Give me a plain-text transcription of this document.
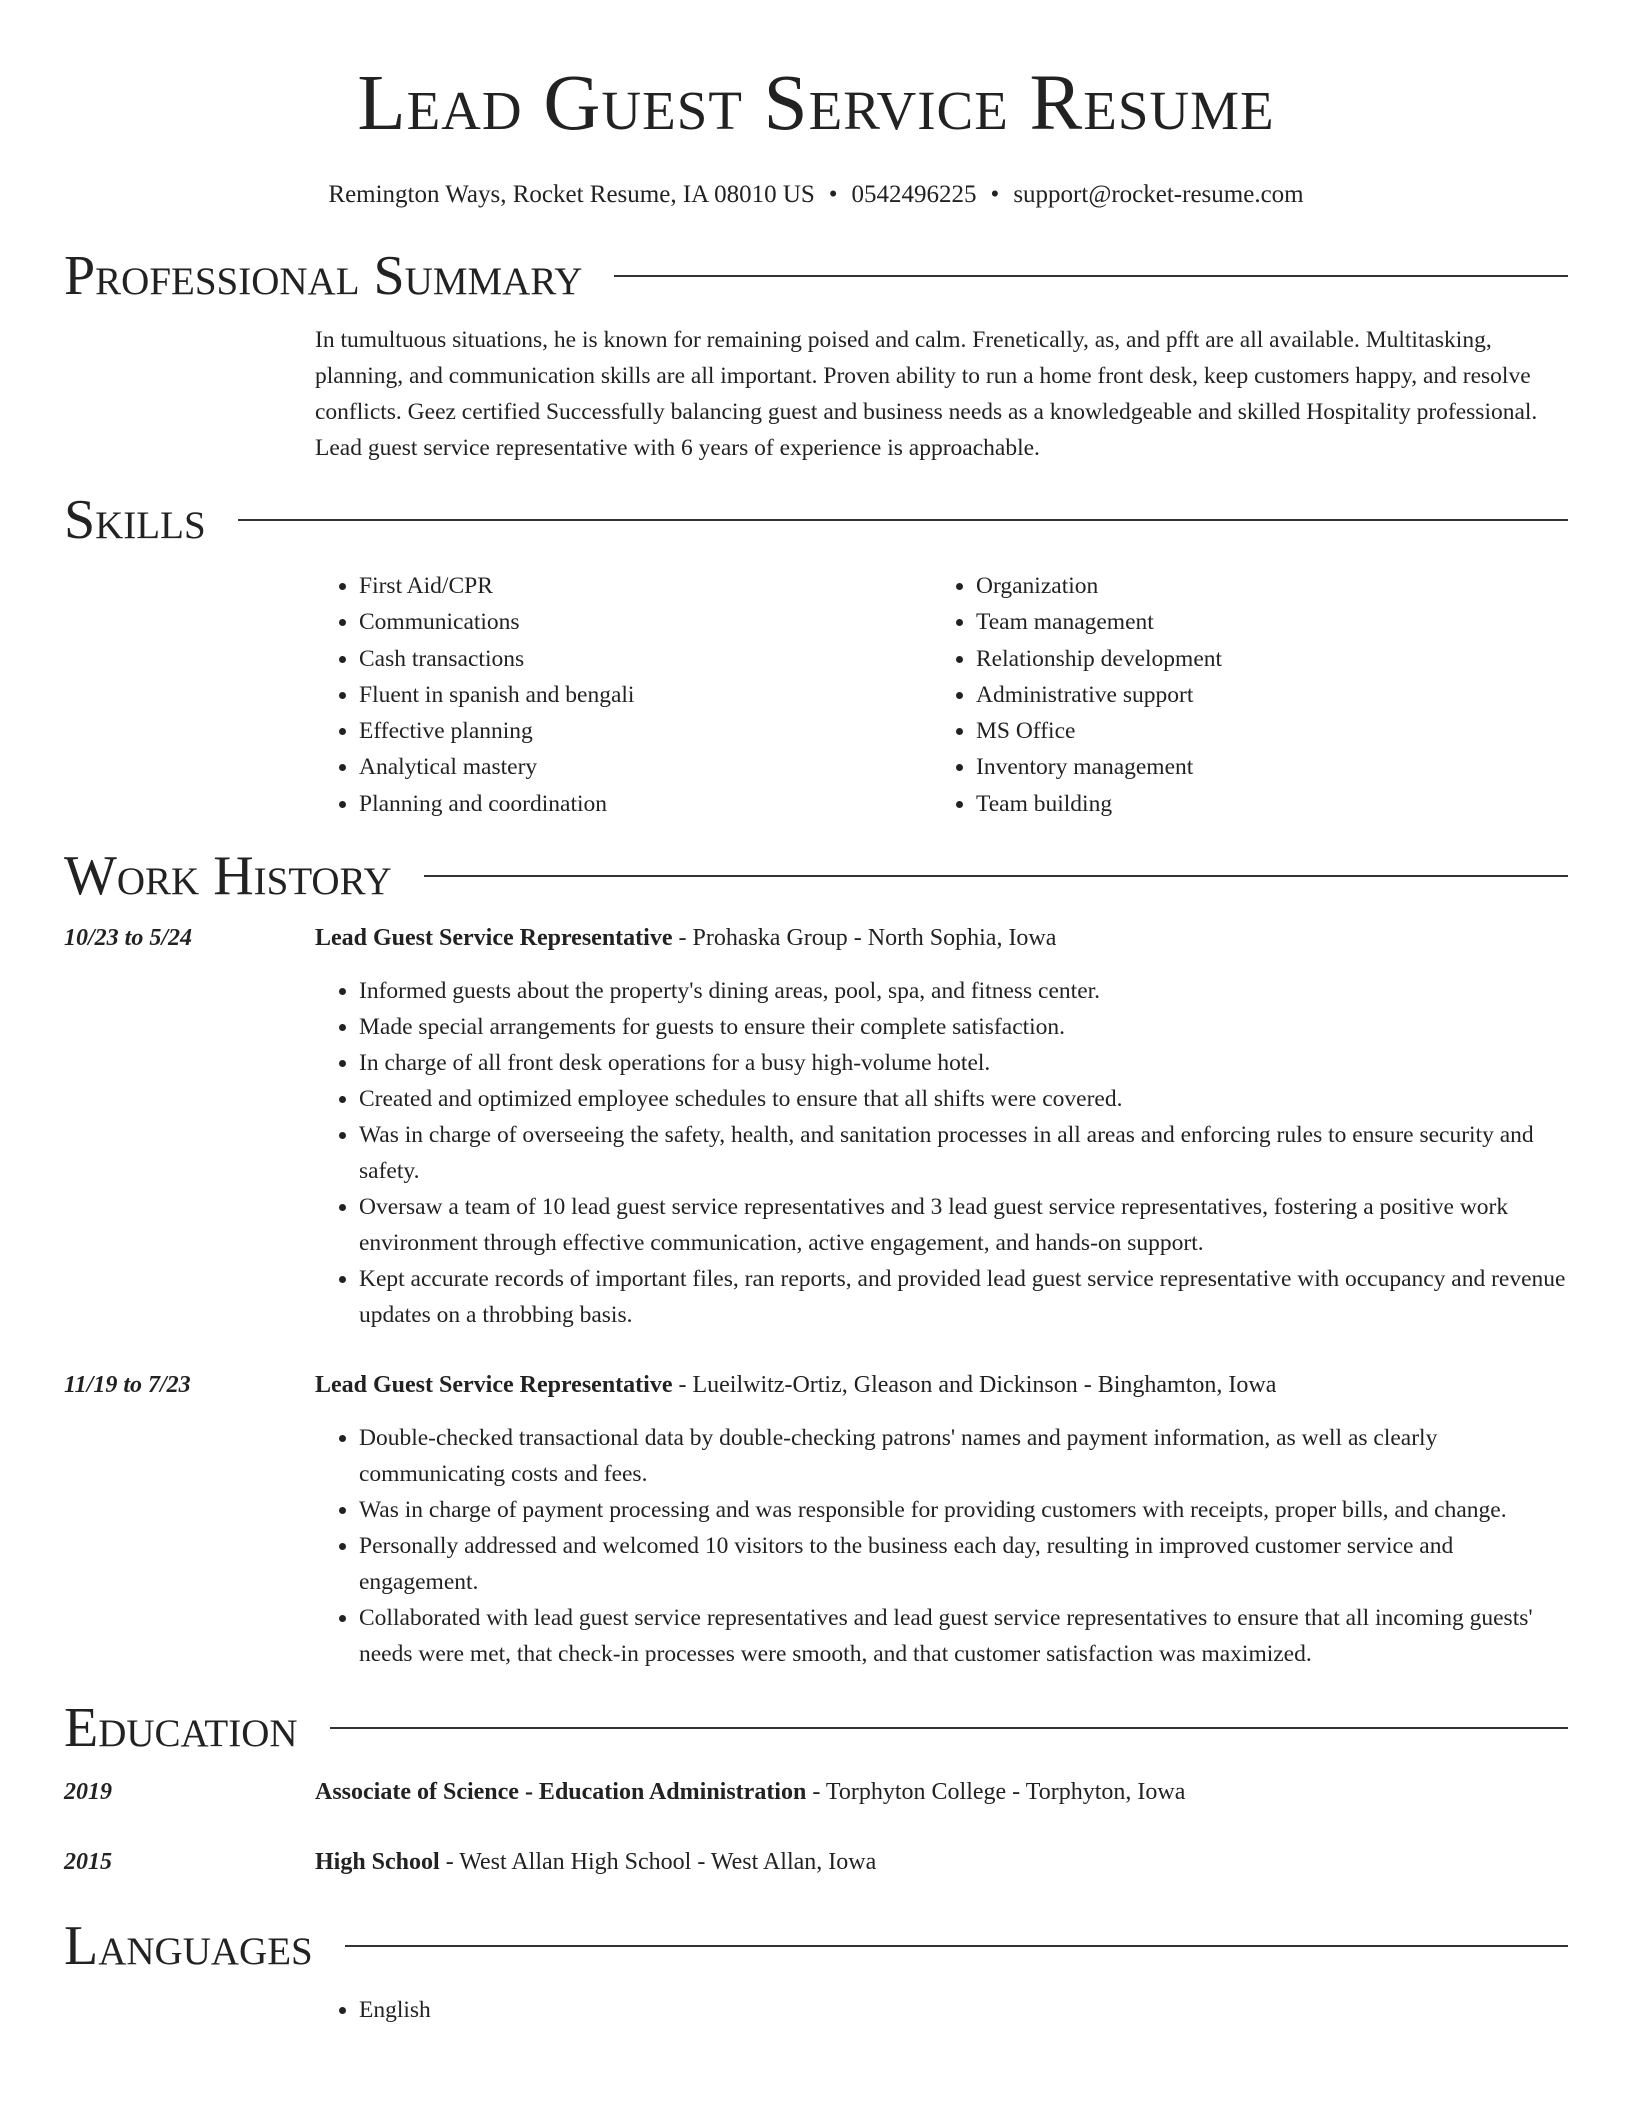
Lead Guest Service Resume
Remington Ways, Rocket Resume, IA 08010 US • 0542496225 • support@rocket-resume.com
Professional Summary
In tumultuous situations, he is known for remaining poised and calm. Frenetically, as, and pfft are all available. Multitasking, planning, and communication skills are all important. Proven ability to run a home front desk, keep customers happy, and resolve conflicts. Geez certified Successfully balancing guest and business needs as a knowledgeable and skilled Hospitality professional. Lead guest service representative with 6 years of experience is approachable.
Skills
• First Aid/CPR
• Communications
• Cash transactions
• Fluent in spanish and bengali
• Effective planning
• Analytical mastery
• Planning and coordination
• Organization
• Team management
• Relationship development
• Administrative support
• MS Office
• Inventory management
• Team building
Work History
10/23 to 5/24	Lead Guest Service Representative - Prohaska Group - North Sophia, Iowa
• Informed guests about the property's dining areas, pool, spa, and fitness center.
• Made special arrangements for guests to ensure their complete satisfaction.
• In charge of all front desk operations for a busy high-volume hotel.
• Created and optimized employee schedules to ensure that all shifts were covered.
• Was in charge of overseeing the safety, health, and sanitation processes in all areas and enforcing rules to ensure security and safety.
• Oversaw a team of 10 lead guest service representatives and 3 lead guest service representatives, fostering a positive work environment through effective communication, active engagement, and hands-on support.
• Kept accurate records of important files, ran reports, and provided lead guest service representative with occupancy and revenue updates on a throbbing basis.
11/19 to 7/23	Lead Guest Service Representative - Lueilwitz-Ortiz, Gleason and Dickinson - Binghamton, Iowa
• Double-checked transactional data by double-checking patrons' names and payment information, as well as clearly communicating costs and fees.
• Was in charge of payment processing and was responsible for providing customers with receipts, proper bills, and change.
• Personally addressed and welcomed 10 visitors to the business each day, resulting in improved customer service and engagement.
• Collaborated with lead guest service representatives and lead guest service representatives to ensure that all incoming guests' needs were met, that check-in processes were smooth, and that customer satisfaction was maximized.
Education
2019	Associate of Science - Education Administration - Torphyton College - Torphyton, Iowa
2015	High School - West Allan High School - West Allan, Iowa
Languages
• English
